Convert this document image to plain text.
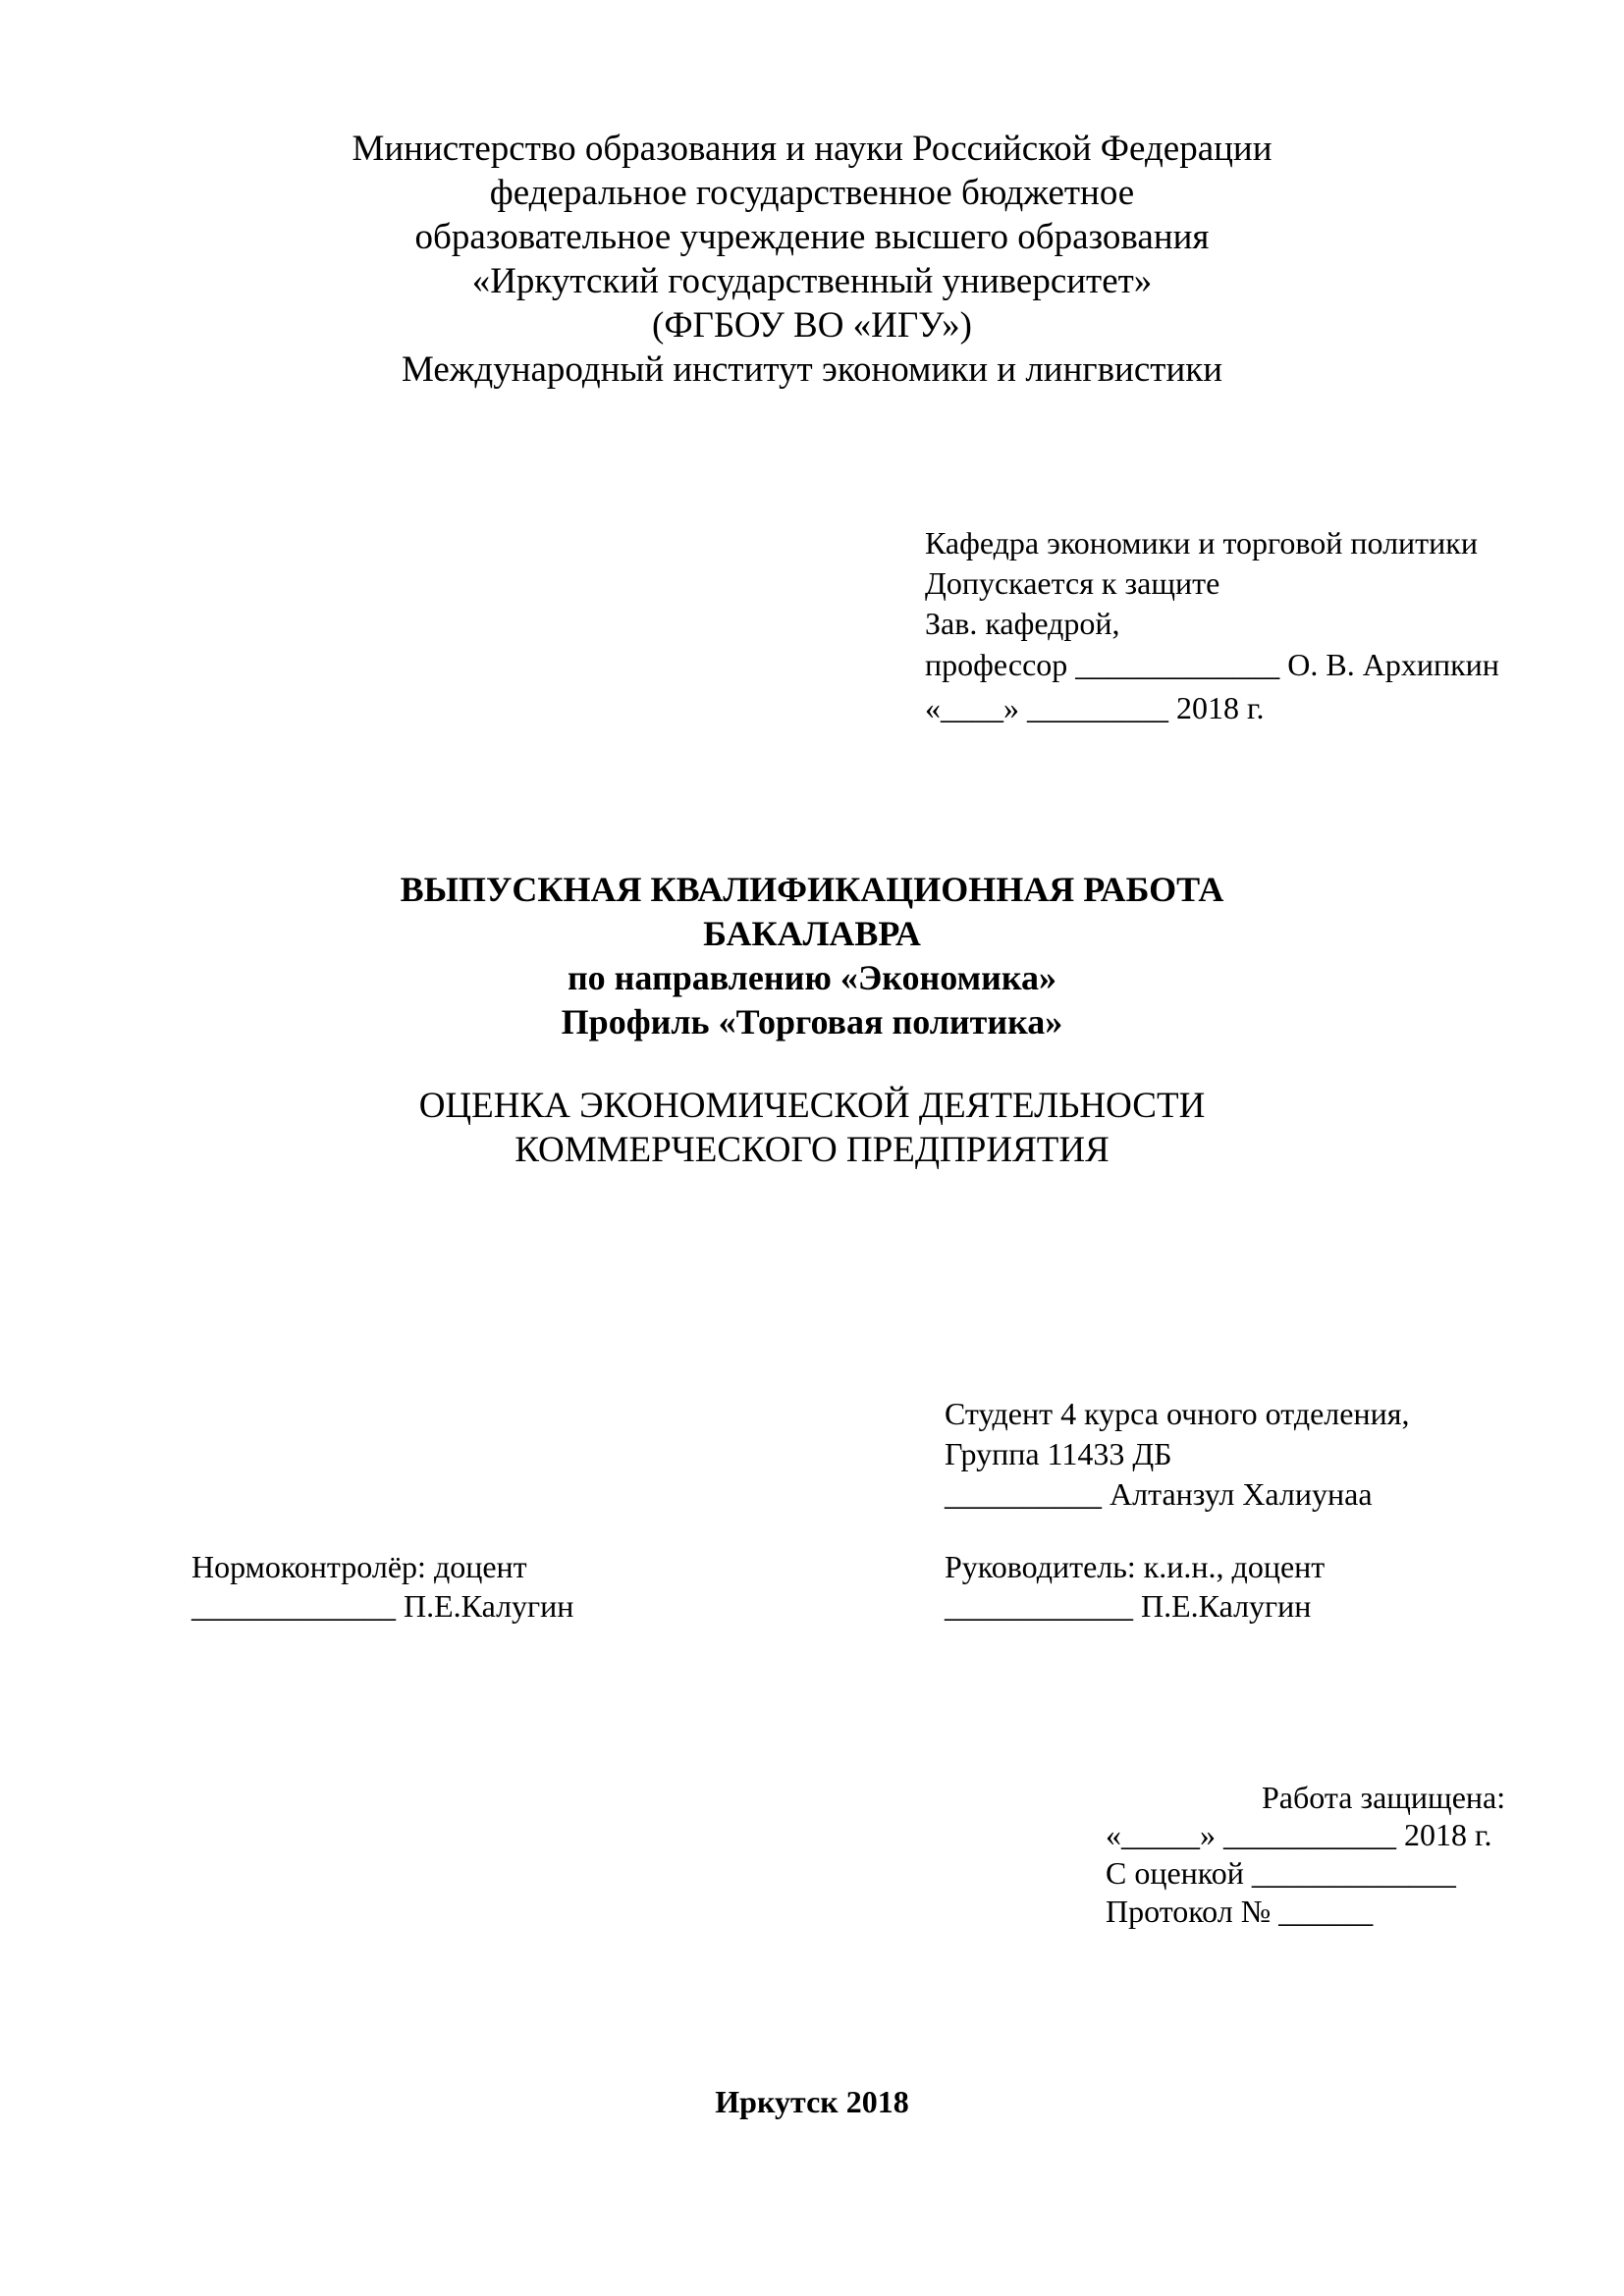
Министерство образования и науки Российской Федерации

федеральное государственное бюджетное

образовательное учреждение высшего образования

«Иркутский государственный университет»

(ФГБОУ ВО «ИГУ»)

Международный институт экономики и лингвистики

Кафедра экономики и торговой политики

Допускается к защите

Зав. кафедрой,

профессор _____________ О. В. Архипкин

«____» _________ 2018 г.

ВЫПУСКНАЯ КВАЛИФИКАЦИОННАЯ РАБОТА

БАКАЛАВРА

по направлению «Экономика»

Профиль «Торговая политика»

ОЦЕНКА ЭКОНОМИЧЕСКОЙ ДЕЯТЕЛЬНОСТИ

КОММЕРЧЕСКОГО ПРЕДПРИЯТИЯ

Студент 4 курса очного отделения,

Группа 11433 ДБ

__________ Алтанзул Халиунаа

Нормоконтролёр: доцент

_____________ П.Е.Калугин

Руководитель: к.и.н., доцент

____________ П.Е.Калугин

Работа защищена:

«_____» ___________ 2018 г.

С оценкой _____________

Протокол № ______

Иркутск 2018
